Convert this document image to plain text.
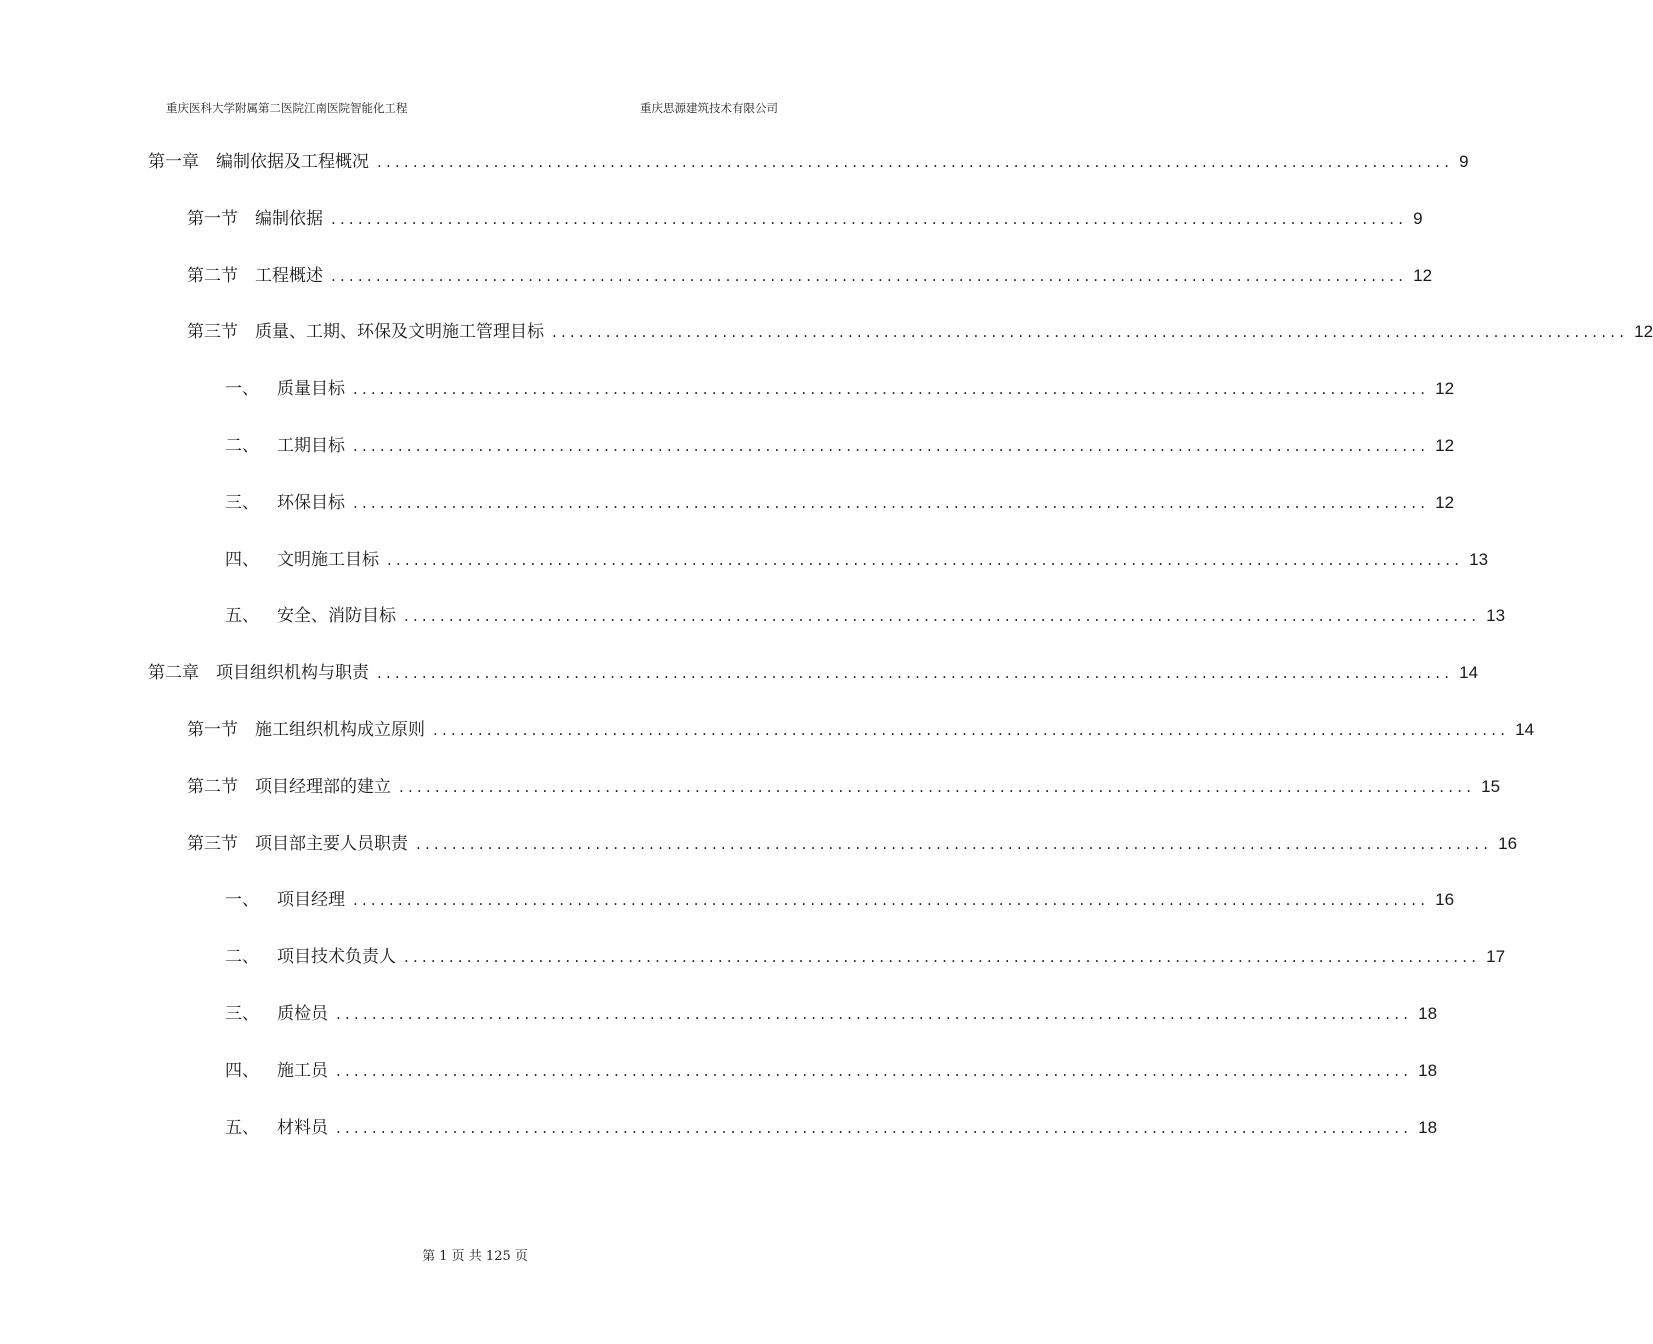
重庆医科大学附属第二医院江南医院智能化工程	重庆思源建筑技术有限公司
第一章	编制依据及工程概况 ........................................................................................................................ 9
第一节	编制依据 ........................................................................................................................ 9
第二节	工程概述 ........................................................................................................................ 12
第三节	质量、工期、环保及文明施工管理目标 ........................................................................................................................ 12
一、	质量目标 ........................................................................................................................ 12
二、	工期目标 ........................................................................................................................ 12
三、	环保目标 ........................................................................................................................ 12
四、	文明施工目标 ........................................................................................................................ 13
五、	安全、消防目标 ........................................................................................................................ 13
第二章	项目组织机构与职责 ........................................................................................................................ 14
第一节	施工组织机构成立原则 ........................................................................................................................ 14
第二节	项目经理部的建立 ........................................................................................................................ 15
第三节	项目部主要人员职责 ........................................................................................................................ 16
一、	项目经理 ........................................................................................................................ 16
二、	项目技术负责人 ........................................................................................................................ 17
三、	质检员 ........................................................................................................................ 18
四、	施工员 ........................................................................................................................ 18
五、	材料员 ........................................................................................................................ 18
第 1 页 共 125 页
